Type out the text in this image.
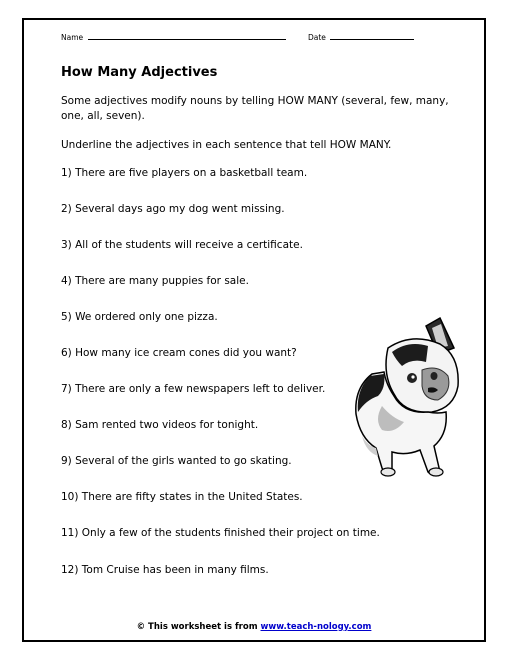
Name	Date
How Many Adjectives
Some adjectives modify nouns by telling HOW MANY (several, few, many, one, all, seven).
Underline the adjectives in each sentence that tell HOW MANY.
1) There are five players on a basketball team.
2) Several days ago my dog went missing.
3) All of the students will receive a certificate.
4) There are many puppies for sale.
5) We ordered only one pizza.
6) How many ice cream cones did you want?
7) There are only a few newspapers left to deliver.
8) Sam rented two videos for tonight.
9) Several of the girls wanted to go skating.
10) There are fifty states in the United States.
11) Only a few of the students finished their project on time.
12) Tom Cruise has been in many films.
© This worksheet is from www.teach-nology.com
